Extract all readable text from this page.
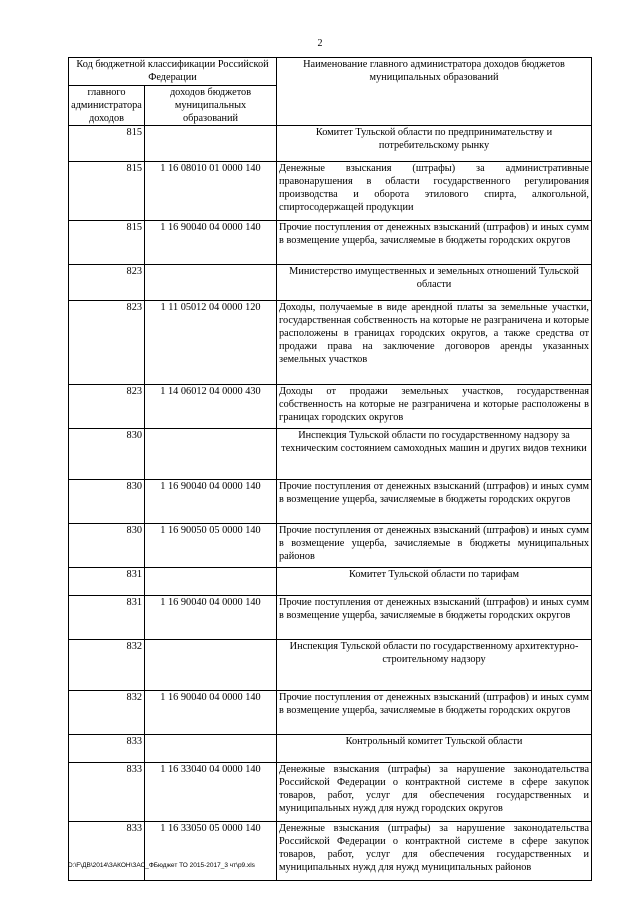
2
Код бюджетной классификации Российской Федерации		Наименование главного администратора доходов бюджетов муниципальных образований
главного администратора доходов	доходов бюджетов муниципальных образований	
815		Комитет Тульской области по предпринимательству и потребительскому рынку

815	1 16 08010 01 0000 140	Денежные взыскания (штрафы) за административные правонарушения в области государственного регулирования производства и оборота этилового спирта, алкогольной, спиртосодержащей продукции
815	1 16 90040 04 0000 140	Прочие поступления от денежных взысканий (штрафов) и иных сумм в возмещение ущерба, зачисляемые в бюджеты городских округов
823		Министерство имущественных и земельных отношений Тульской области

823	1 11 05012 04 0000 120	Доходы, получаемые в виде арендной платы за земельные участки, государственная собственность на которые не разграничена и которые расположены в границах городских округов, а также средства от продажи права на заключение договоров аренды указанных земельных участков
823	1 14 06012 04 0000 430	Доходы от продажи земельных участков, государственная собственность на которые не разграничена и которые расположены в границах городских округов
830		Инспекция Тульской области по государственному надзору за техническим состоянием самоходных машин и других видов техники

830	1 16 90040 04 0000 140	Прочие поступления от денежных взысканий (штрафов) и иных сумм в возмещение ущерба, зачисляемые в бюджеты городских округов
830	1 16 90050 05 0000 140	Прочие поступления от денежных взысканий (штрафов) и иных сумм в возмещение ущерба, зачисляемые в бюджеты муниципальных районов
831		Комитет Тульской области по тарифам

831	1 16 90040 04 0000 140	Прочие поступления от денежных взысканий (штрафов) и иных сумм в возмещение ущерба, зачисляемые в бюджеты городских округов
832		Инспекция Тульской области по государственному архитектурно-строительному надзору

832	1 16 90040 04 0000 140	Прочие поступления от денежных взысканий (штрафов) и иных сумм в возмещение ущерба, зачисляемые в бюджеты городских округов
833		Контрольный комитет Тульской области

833	1 16 33040 04 0000 140	Денежные взыскания (штрафы) за нарушение законодательства Российской Федерации о контрактной системе в сфере закупок товаров, работ, услуг для обеспечения государственных и муниципальных нужд для нужд городских округов
833	1 16 33050 05 0000 140	Денежные взыскания (штрафы) за нарушение законодательства Российской Федерации о контрактной системе в сфере закупок товаров, работ, услуг для обеспечения государственных и муниципальных нужд для нужд муниципальных районов
D:\F\ДВ\2014\ЗАКОН\ЗАС_ФБюджет ТО 2015-2017_3 чт\р9.xls
